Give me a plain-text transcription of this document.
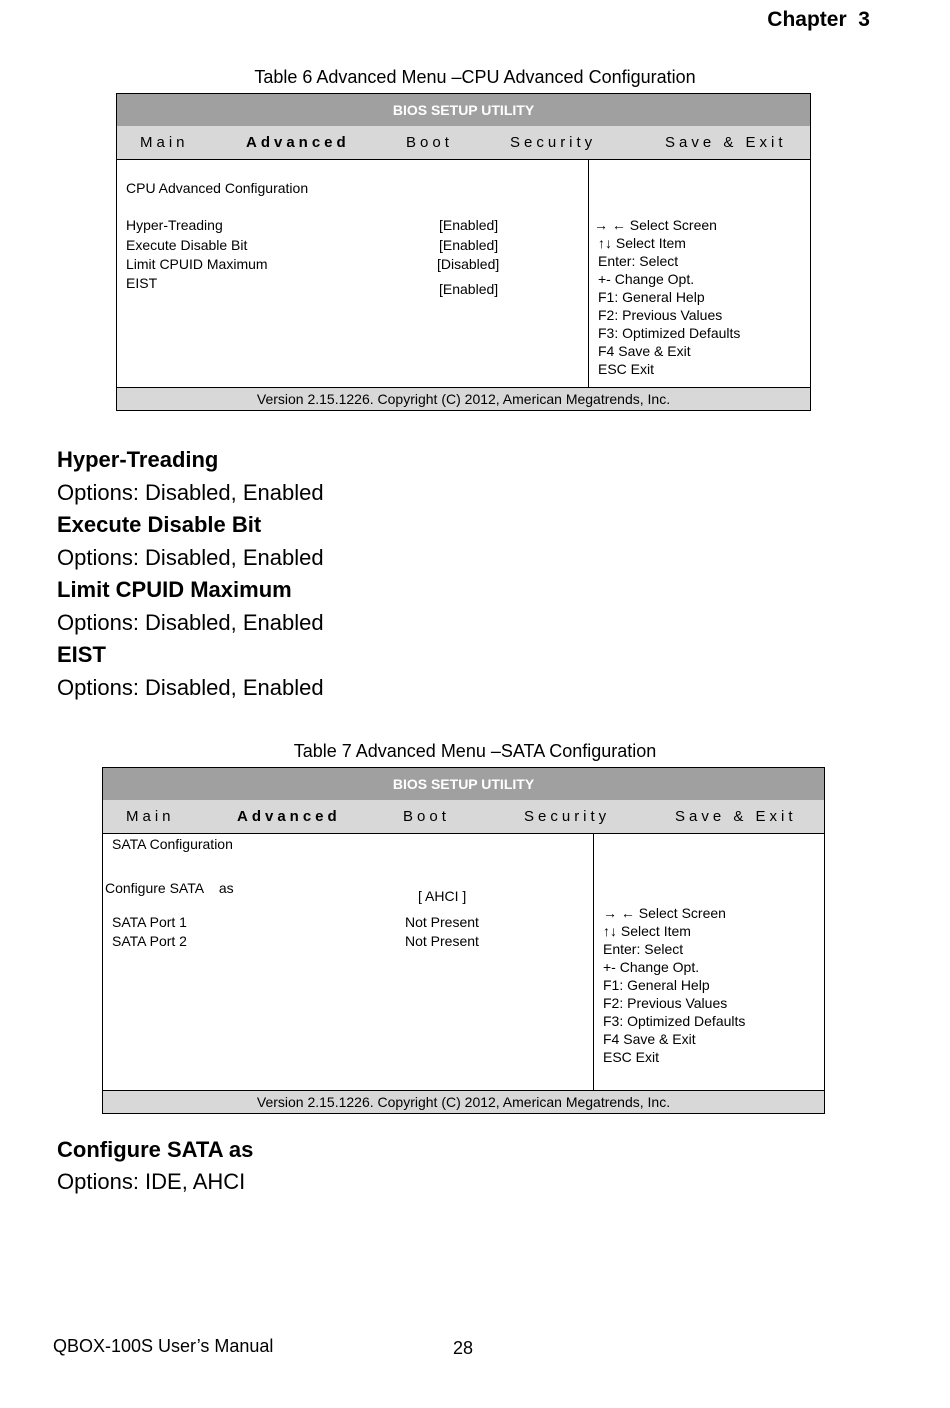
Chapter  3
Table 6 Advanced Menu –CPU Advanced Configuration
BIOS SETUP UTILITY
Main	Advanced	Boot	Security	Save & Exit
CPU Advanced Configuration
Hyper-Treading	[Enabled]
Execute Disable Bit	[Enabled]
Limit CPUID Maximum	[Disabled]
EIST	[Enabled]
→ ← Select Screen
↑↓ Select Item
Enter: Select
+- Change Opt.
F1: General Help
F2: Previous Values
F3: Optimized Defaults
F4 Save & Exit
ESC Exit
Version 2.15.1226. Copyright (C) 2012, American Megatrends, Inc.
Hyper-Treading
Options: Disabled, Enabled
Execute Disable Bit
Options: Disabled, Enabled
Limit CPUID Maximum
Options: Disabled, Enabled
EIST
Options: Disabled, Enabled
Table 7 Advanced Menu –SATA Configuration
BIOS SETUP UTILITY
Main	Advanced	Boot	Security	Save & Exit
SATA Configuration
Configure SATA    as	[ AHCI ]
SATA Port 1	Not Present
SATA Port 2	Not Present
→ ← Select Screen
↑↓ Select Item
Enter: Select
+- Change Opt.
F1: General Help
F2: Previous Values
F3: Optimized Defaults
F4 Save & Exit
ESC Exit
Version 2.15.1226. Copyright (C) 2012, American Megatrends, Inc.
Configure SATA as
Options: IDE, AHCI
QBOX-100S User’s Manual	28
